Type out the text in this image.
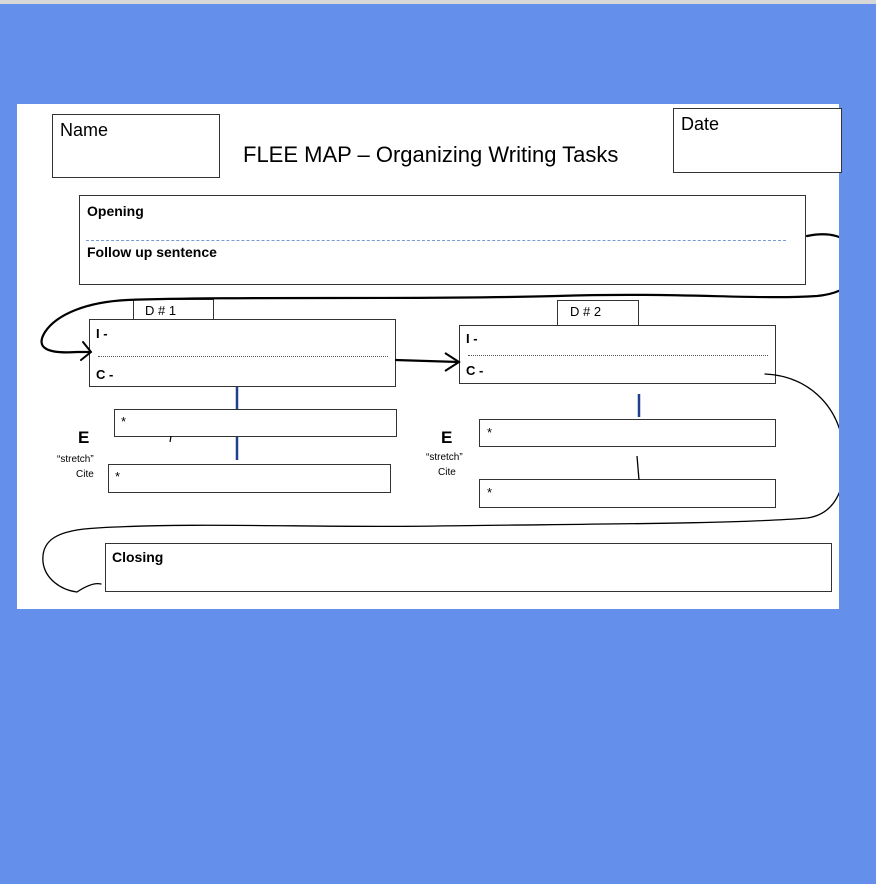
Name
FLEE MAP – Organizing Writing Tasks
Date
Opening
Follow up sentence
D # 1
I -
C -
D # 2
I -
C -
*
*
E
“stretch”
Cite
*
*
E
“stretch”
Cite
Closing
